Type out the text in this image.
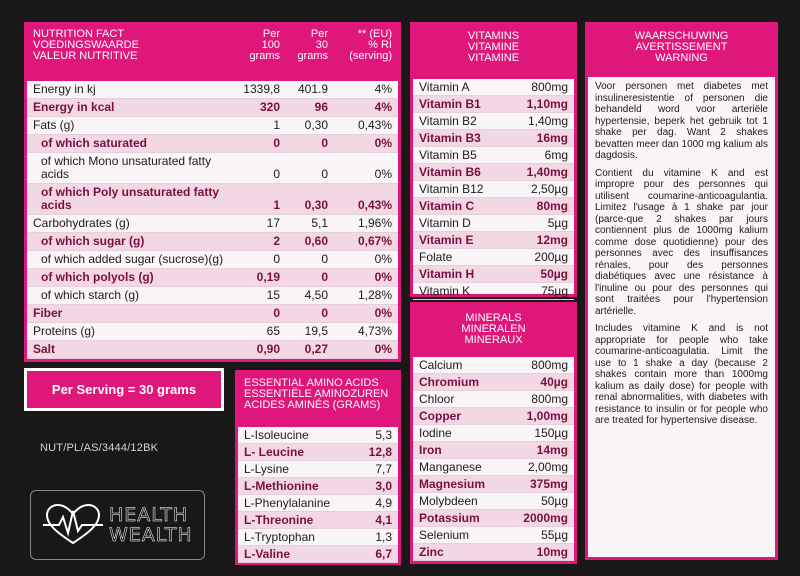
NUTRITION FACT
VOEDINGSWAARDE
VALEUR NUTRITIVE
Per
100
grams
Per
30
grams
** (EU)
% RI
(serving)
Energy in kj	1339,8	401.9	4%
Energy in kcal	320	96	4%
Fats (g)	1	0,30	0,43%
of which saturated	0	0	0%
of which Mono unsaturated fatty acids	0	0	0%
of which Poly unsaturated fatty acids	1	0,30	0,43%
Carbohydrates (g)	17	5,1	1,96%
of which sugar (g)	2	0,60	0,67%
of which added sugar (sucrose)(g)	0	0	0%
of which polyols (g)	0,19	0	0%
of which starch (g)	15	4,50	1,28%
Fiber	0	0	0%
Proteins (g)	65	19,5	4,73%
Salt	0,90	0,27	0%
VITAMINS
VITAMINE
VITAMINE
Vitamin A	800mg
Vitamin B1	1,10mg
Vitamin B2	1,40mg
Vitamin B3	16mg
Vitamin B5	6mg
Vitamin B6	1,40mg
Vitamin B12	2,50µg
Vitamin C	80mg
Vitamin D	5µg
Vitamin E	12mg
Folate	200µg
Vitamin H	50µg
Vitamin K	75µg
MINERALS
MINERALEN
MINERAUX
Calcium	800mg
Chromium	40µg
Chloor	800mg
Copper	1,00mg
Iodine	150µg
Iron	14mg
Manganese	2,00mg
Magnesium	375mg
Molybdeen	50µg
Potassium	2000mg
Selenium	55µg
Zinc	10mg
WAARSCHUWING
AVERTISSEMENT
WARNING

Voor personen met diabetes met insulineresistentie of personen die behandeld word voor arteriële hypertensie, beperk het gebruik tot 1 shake per dag. Want 2 shakes bevatten meer dan 1000 mg kalium als dagdosis.

Contient du vitamine K and est impropre pour des personnes qui utilisent coumarine-anticoagulantia. Limitez l'usage à 1 shake par jour (parce-que 2 shakes par jours contiennent plus de 1000mg kalium comme dose quotidienne) pour des personnes avec des insuffisances rénales, pour des personnes diabétiques avec une résistance à l'inuline ou pour des personnes qui sont traitées pour l'hypertension artérielle.

Includes vitamine K and is not appropriate for people who take coumarine-anticoagulatia. Limit the use to 1 shake a day (because 2 shakes contain more than 1000mg kalium as daily dose) for people with renal abnormalities, with diabetes with resistance to insulin or for people who are treated for hypertensive disease.

Per Serving = 30 grams	ESSENTIAL AMINO ACIDS
ESSENTIËLE AMINOZUREN
ACIDES AMINÉS (GRAMS)
L-Isoleucine	5,3
L- Leucine	12,8
L-Lysine	7,7
L-Methionine	3,0
L-Phenylalanine	4,9
L-Threonine	4,1
L-Tryptophan	1,3
L-Valine	6,7
NUT/PL/AS/3444/12BK
HEALTH
WEALTH
